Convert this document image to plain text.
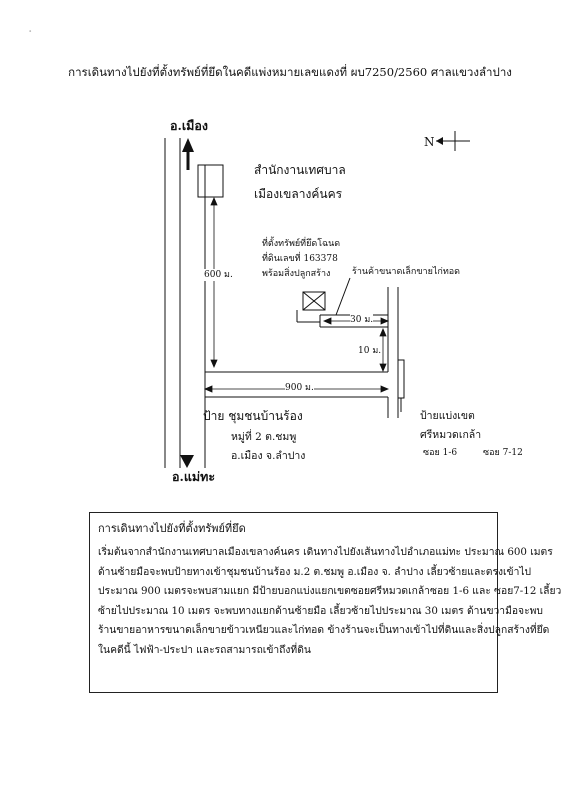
·
การเดินทางไปยังที่ตั้งทรัพย์ที่ยึดในคดีแพ่งหมายเลขแดงที่ ผบ7250/2560 ศาลแขวงลำปาง
อ.เมือง
อ.แม่ทะ
N
สำนักงานเทศบาล
เมืองเขลางค์นคร
ที่ตั้งทรัพย์ที่ยึดโฉนด
ที่ดินเลขที่ 163378
พร้อมสิ่งปลูกสร้าง ร้านค้าขนาดเล็กขายไก่ทอด
600 ม.
900 ม.
10 ม.
30 ม.
ป้าย ชุมชนบ้านร้อง
หมู่ที่ 2 ต.ชมพู
อ.เมือง จ.ลำปาง
ป้ายแบ่งเขต
ศรีหมวดเกล้า
ซอย 1-6	ซอย 7-12
การเดินทางไปยังที่ตั้งทรัพย์ที่ยึด
เริ่มต้นจากสำนักงานเทศบาลเมืองเขลางค์นคร เดินทางไปยังเส้นทางไปอำเภอแม่ทะ ประมาณ 600 เมตร
ด้านซ้ายมือจะพบป้ายทางเข้าชุมชนบ้านร้อง ม.2 ต.ชมพู อ.เมือง จ. ลำปาง เลี้ยวซ้ายและตรงเข้าไป
ประมาณ 900 เมตรจะพบสามแยก มีป้ายบอกแบ่งแยกเขตซอยศรีหมวดเกล้าซอย 1-6 และ ซอย7-12 เลี้ยว
ซ้ายไปประมาณ 10 เมตร จะพบทางแยกด้านซ้ายมือ เลี้ยวซ้ายไปประมาณ 30 เมตร ด้านขวามือจะพบ
ร้านขายอาหารขนาดเล็กขายข้าวเหนียวและไก่ทอด ข้างร้านจะเป็นทางเข้าไปที่ดินและสิ่งปลูกสร้างที่ยึด
ในคดีนี้ ไฟฟ้า-ประปา และรถสามารถเข้าถึงที่ดิน
